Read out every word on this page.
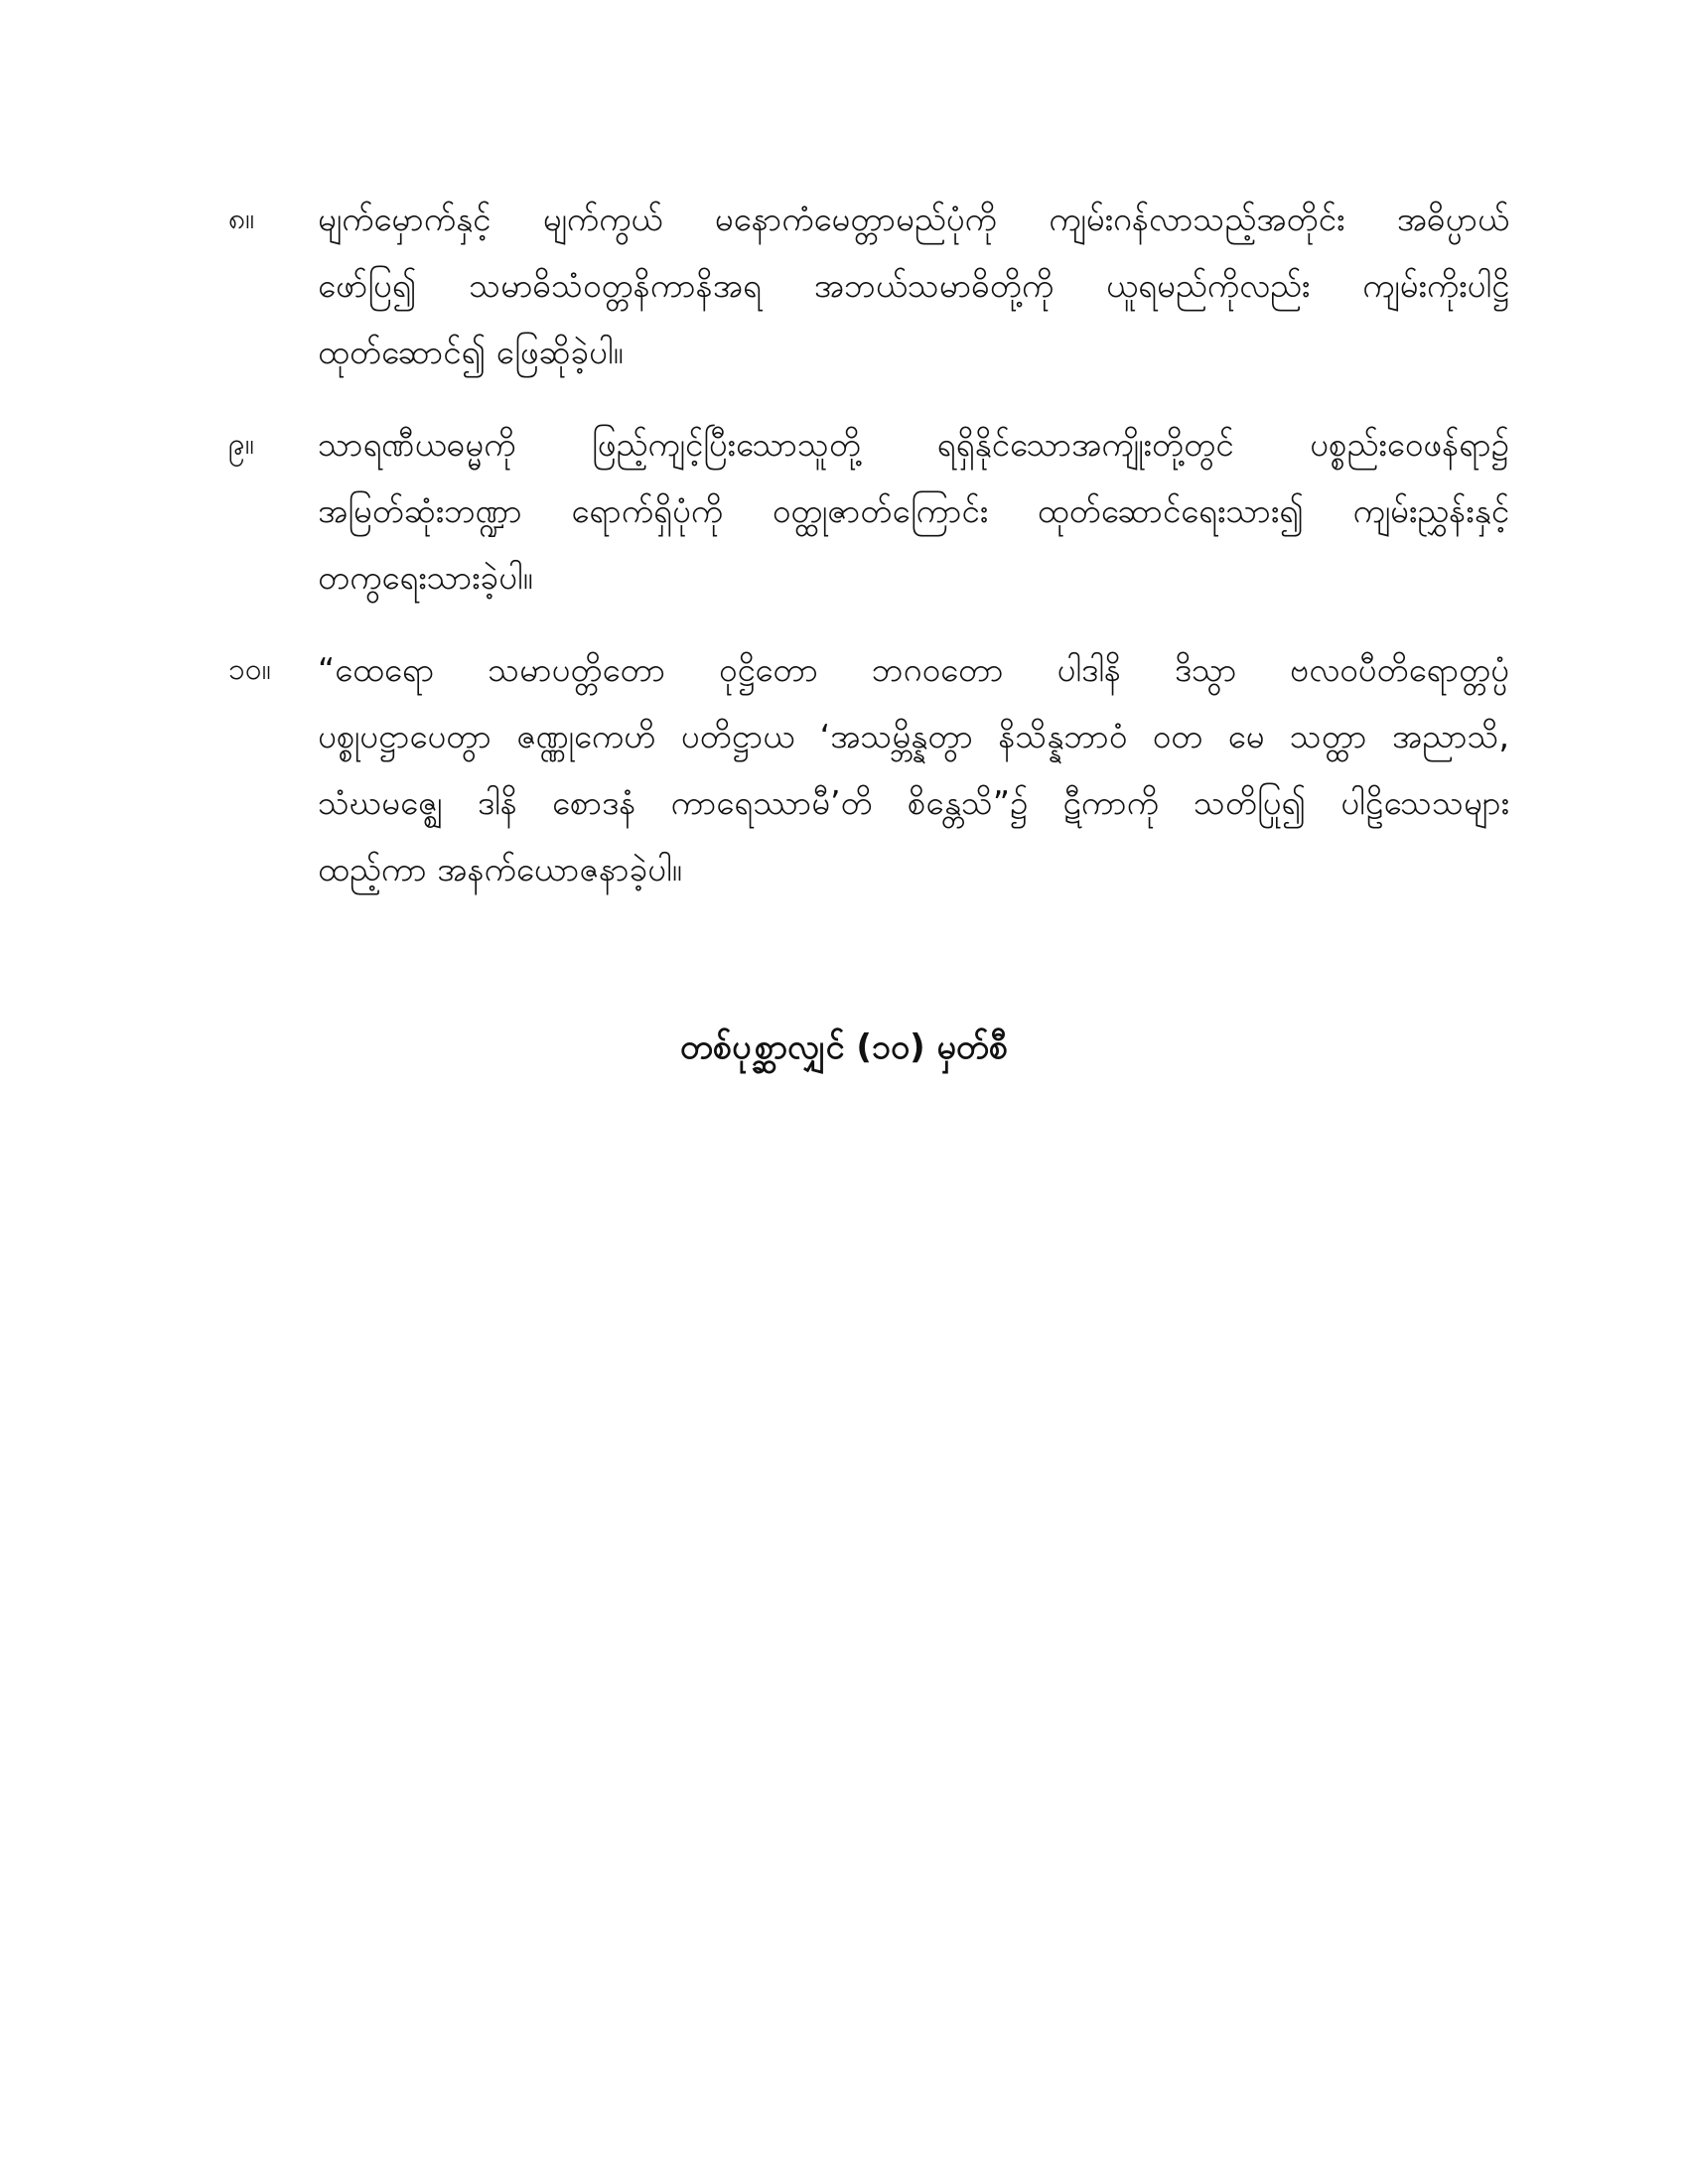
၈။	မျက်မှောက်နှင့် မျက်ကွယ် မနောကံမေတ္တာမည်ပုံကို ကျမ်းဂန်လာသည့်အတိုင်း အဓိပ္ပာယ်
ဖော်ပြ၍ သမာဓိသံဝတ္တနိကာနိအရ အဘယ်သမာဓိတို့ကို ယူရမည်ကိုလည်း ကျမ်းကိုးပါဋ္ဌိ
ထုတ်ဆောင်၍ ဖြေဆိုခဲ့ပါ။
၉။	သာရဏီယဓမ္မကို ဖြည့်ကျင့်ပြီးသောသူတို့ ရရှိနိုင်သောအကျိုးတို့တွင် ပစ္စည်းဝေဖန်ရာ၌
အမြတ်ဆုံးဘဏ္ဍာ ရောက်ရှိပုံကို ဝတ္ထုဇာတ်ကြောင်း ထုတ်ဆောင်ရေးသား၍ ကျမ်းညွှန်းနှင့်
တကွရေးသားခဲ့ပါ။
၁၀။	“ထေရော သမာပတ္တိတော ဝုဋ္ဌိတော ဘဂဝတော ပါဒါနိ ဒိသွာ ဗလဝပီတိရောတ္တပ္ပံ
ပစ္စုပဋ္ဌာပေတွာ ဇဏ္ဏုကေဟိ ပတိဋ္ဌာယ ‘အသမ္ဘိန္နတွာ နိသိန္နဘာဝံ ဝတ မေ သတ္ထာ အညာသိ,
သံဃမဇ္ဈေ ဒါနိ စောဒနံ ကာရေဿာမီ’တိ စိန္တေသိ”၌ ဋီကာကို သတိပြု၍ ပါဠိသေသများ
ထည့်ကာ အနက်ယောဇနာခဲ့ပါ။
တစ်ပုစ္ဆာလျှင် (၁၀) မှတ်စီ
